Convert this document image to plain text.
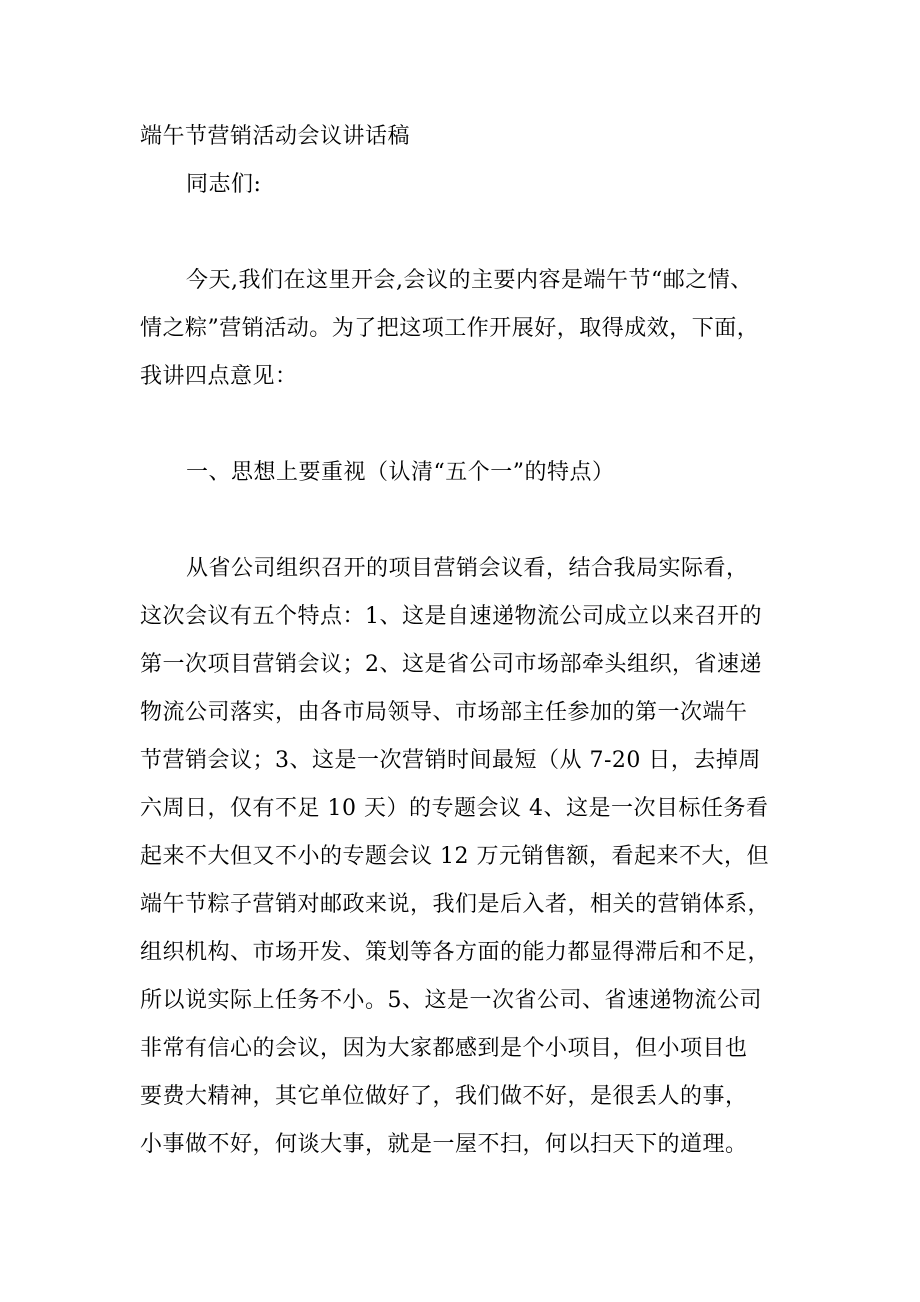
端午节营销活动会议讲话稿
同志们:
今天,我们在这里开会,会议的主要内容是端午节“邮之情、
情之粽”营销活动。为了把这项工作开展好，取得成效，下面，
我讲四点意见：
一、思想上要重视（认清“五个一”的特点）
从省公司组织召开的项目营销会议看，结合我局实际看，
这次会议有五个特点：1、这是自速递物流公司成立以来召开的
第一次项目营销会议；2、这是省公司市场部牵头组织，省速递
物流公司落实，由各市局领导、市场部主任参加的第一次端午
节营销会议；3、这是一次营销时间最短（从 7-20 日，去掉周
六周日，仅有不足 10 天）的专题会议 4、这是一次目标任务看
起来不大但又不小的专题会议 12 万元销售额，看起来不大，但
端午节粽子营销对邮政来说，我们是后入者，相关的营销体系，
组织机构、市场开发、策划等各方面的能力都显得滞后和不足，
所以说实际上任务不小。5、这是一次省公司、省速递物流公司
非常有信心的会议，因为大家都感到是个小项目，但小项目也
要费大精神，其它单位做好了，我们做不好，是很丢人的事，
小事做不好，何谈大事，就是一屋不扫，何以扫天下的道理。
